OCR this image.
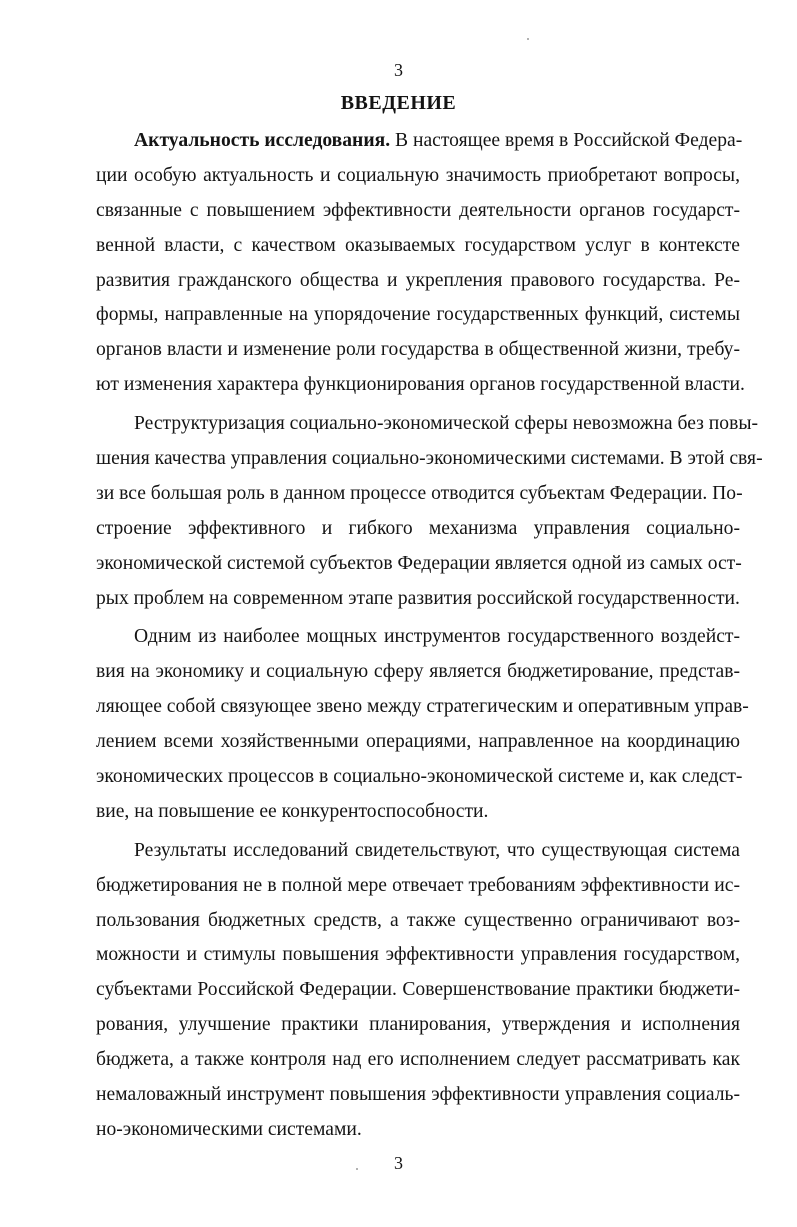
3
ВВЕДЕНИЕ
Актуальность исследования. В настоящее время в Российской Федера-
ции особую актуальность и социальную значимость приобретают вопросы,
связанные с повышением эффективности деятельности органов государст-
венной власти, с качеством оказываемых государством услуг в контексте
развития гражданского общества и укрепления правового государства. Ре-
формы, направленные на упорядочение государственных функций, системы
органов власти и изменение роли государства в общественной жизни, требу-
ют изменения характера функционирования органов государственной власти.
Реструктуризация социально-экономической сферы невозможна без повы-
шения качества управления социально-экономическими системами. В этой свя-
зи все большая роль в данном процессе отводится субъектам Федерации. По-
строение эффективного и гибкого механизма управления социально-
экономической системой субъектов Федерации является одной из самых ост-
рых проблем на современном этапе развития российской государственности.
Одним из наиболее мощных инструментов государственного воздейст-
вия на экономику и социальную сферу является бюджетирование, представ-
ляющее собой связующее звено между стратегическим и оперативным управ-
лением всеми хозяйственными операциями, направленное на координацию
экономических процессов в социально-экономической системе и, как следст-
вие, на повышение ее конкурентоспособности.
Результаты исследований свидетельствуют, что существующая система
бюджетирования не в полной мере отвечает требованиям эффективности ис-
пользования бюджетных средств, а также существенно ограничивают воз-
можности и стимулы повышения эффективности управления государством,
субъектами Российской Федерации. Совершенствование практики бюджети-
рования, улучшение практики планирования, утверждения и исполнения
бюджета, а также контроля над его исполнением следует рассматривать как
немаловажный инструмент повышения эффективности управления социаль-
но-экономическими системами.
3
